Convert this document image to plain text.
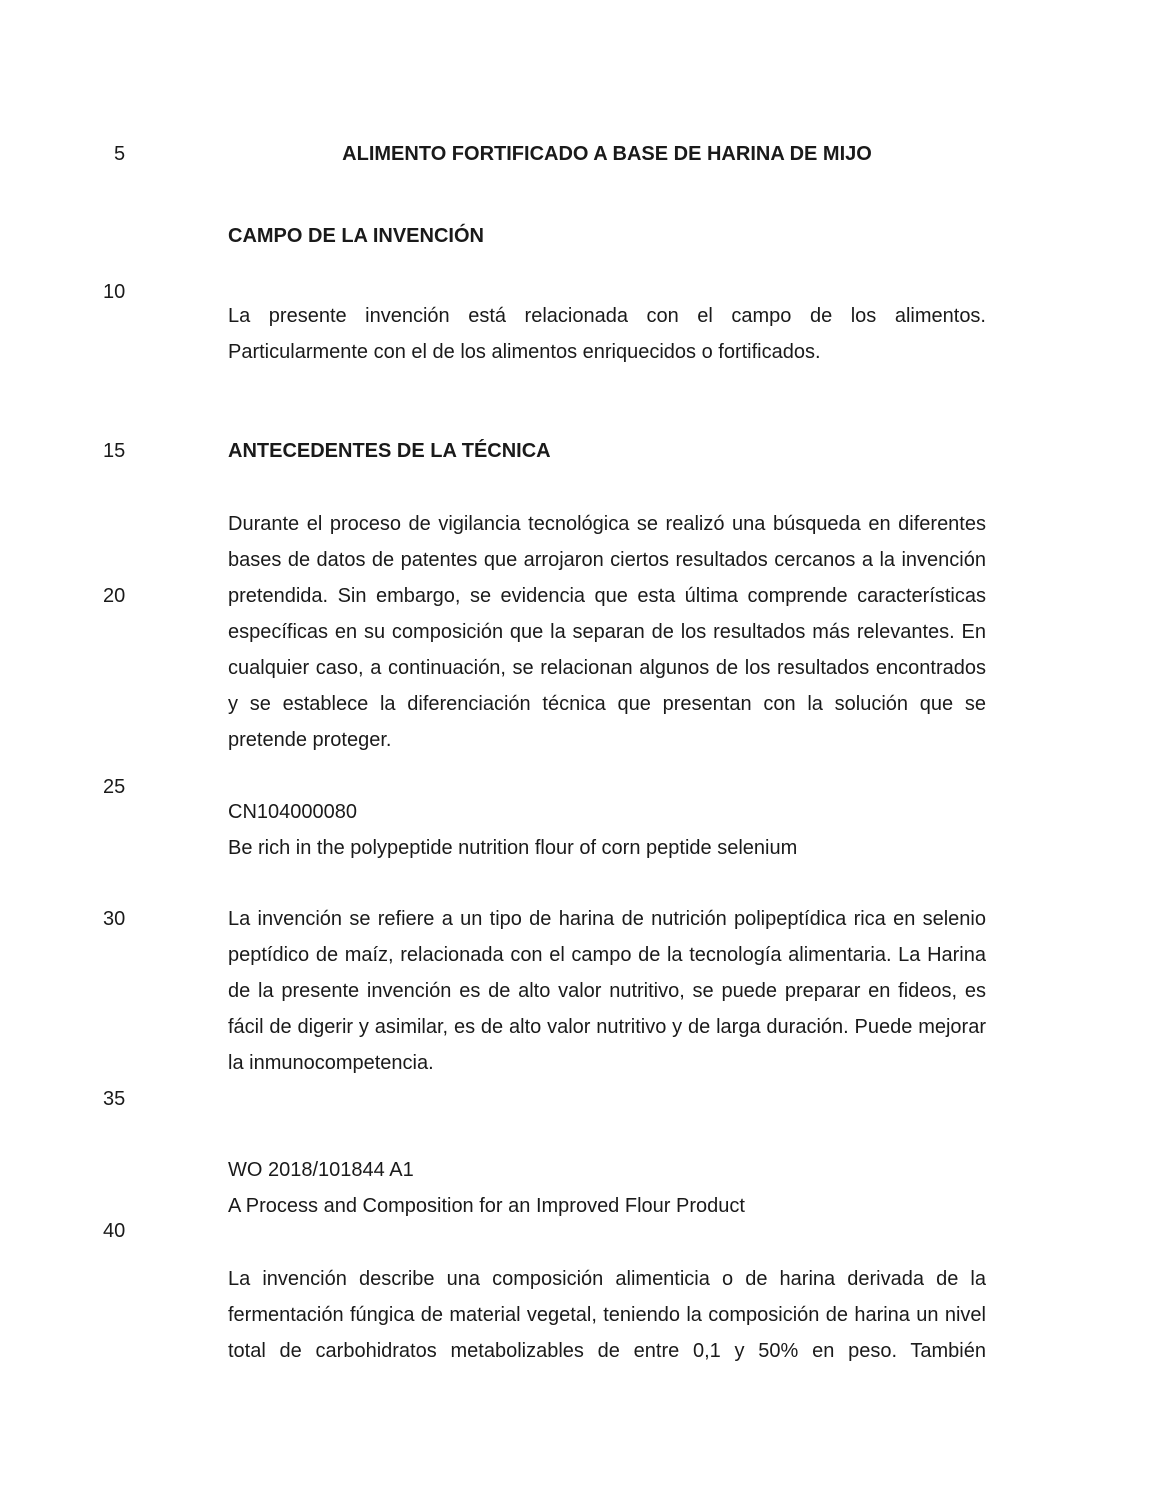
5
10
15
20
25
30
35
40
ALIMENTO FORTIFICADO A BASE DE HARINA DE MIJO
CAMPO DE LA INVENCIÓN

La presente invención está relacionada con el campo de los alimentos. Particularmente con el de los alimentos enriquecidos o fortificados.

ANTECEDENTES DE LA TÉCNICA

Durante el proceso de vigilancia tecnológica se realizó una búsqueda en diferentes bases de datos de patentes que arrojaron ciertos resultados cercanos a la invención pretendida. Sin embargo, se evidencia que esta última comprende características específicas en su composición que la separan de los resultados más relevantes. En cualquier caso, a continuación, se relacionan algunos de los resultados encontrados y se establece la diferenciación técnica que presentan con la solución que se pretende proteger.

CN104000080
Be rich in the polypeptide nutrition flour of corn peptide selenium

La invención se refiere a un tipo de harina de nutrición polipeptídica rica en selenio peptídico de maíz, relacionada con el campo de la tecnología alimentaria. La Harina de la presente invención es de alto valor nutritivo, se puede preparar en fideos, es fácil de digerir y asimilar, es de alto valor nutritivo y de larga duración. Puede mejorar la inmunocompetencia.

WO 2018/101844 A1
A Process and Composition for an Improved Flour Product

La invención describe una composición alimenticia o de harina derivada de la fermentación fúngica de material vegetal, teniendo la composición de harina un nivel total de carbohidratos metabolizables de entre 0,1 y 50% en peso. También
